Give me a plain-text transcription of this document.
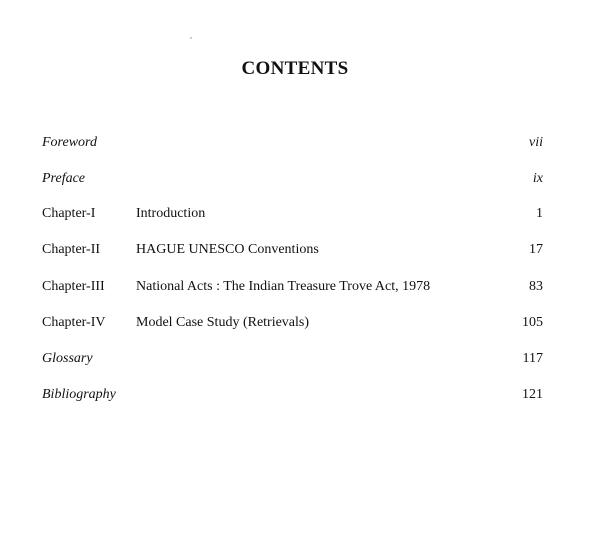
CONTENTS
Foreword	vii
Preface	ix
Chapter-I	Introduction	1
Chapter-II	HAGUE UNESCO Conventions	17
Chapter-III National Acts : The Indian Treasure Trove Act, 1978	83
Chapter-IV Model Case Study (Retrievals)	105
Glossary	117
Bibliography	121
